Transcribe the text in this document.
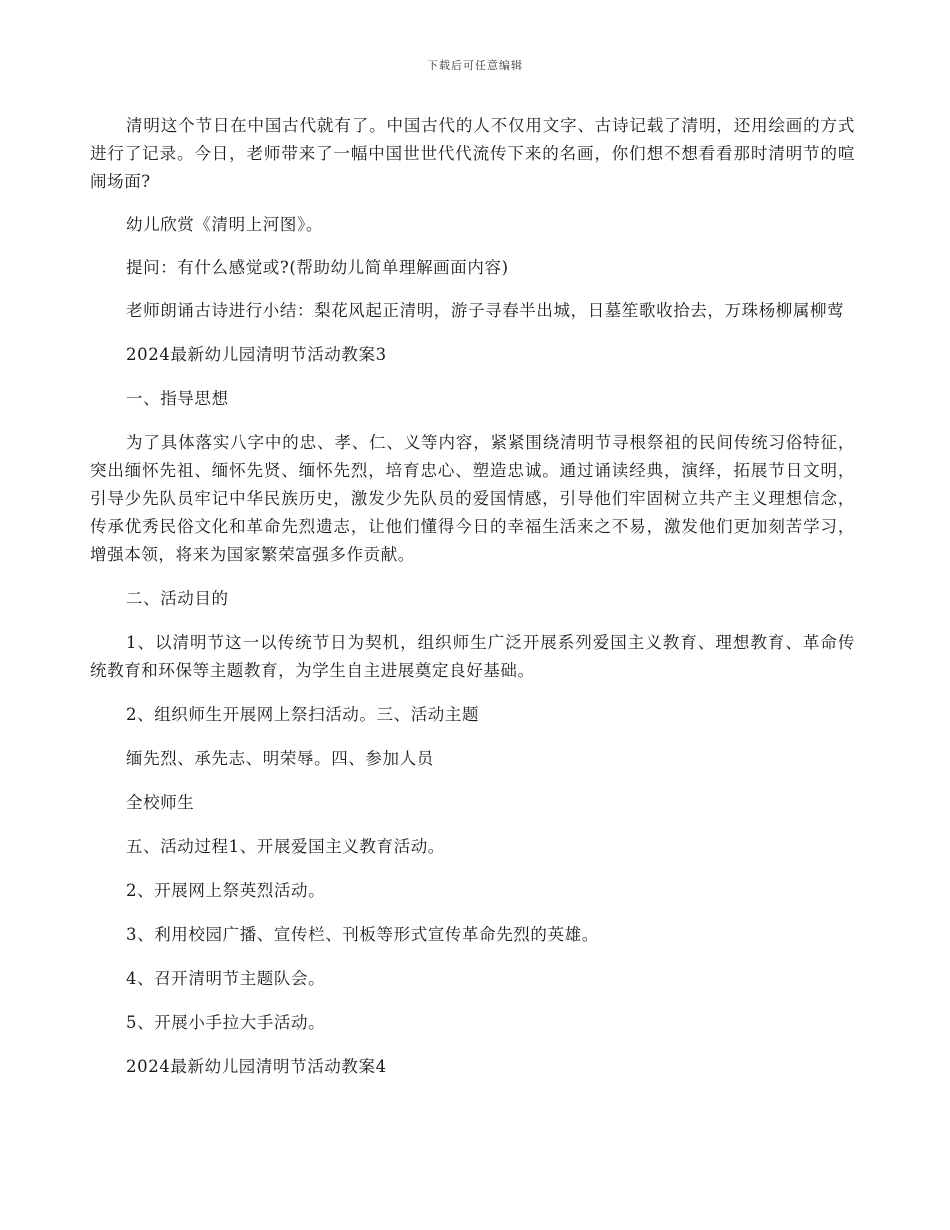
下载后可任意编辑

清明这个节日在中国古代就有了。中国古代的人不仅用文字、古诗记载了清明，还用绘画的方式进行了记录。今日，老师带来了一幅中国世世代代流传下来的名画，你们想不想看看那时清明节的喧闹场面?

幼儿欣赏《清明上河图》。

提问：有什么感觉或?(帮助幼儿简单理解画面内容)

老师朗诵古诗进行小结：梨花风起正清明，游子寻春半出城，日墓笙歌收拾去，万珠杨柳属柳莺

2024最新幼儿园清明节活动教案3

一、指导思想

为了具体落实八字中的忠、孝、仁、义等内容，紧紧围绕清明节寻根祭祖的民间传统习俗特征，突出缅怀先祖、缅怀先贤、缅怀先烈，培育忠心、塑造忠诚。通过诵读经典，演绎，拓展节日文明，引导少先队员牢记中华民族历史，激发少先队员的爱国情感，引导他们牢固树立共产主义理想信念，传承优秀民俗文化和革命先烈遗志，让他们懂得今日的幸福生活来之不易，激发他们更加刻苦学习，增强本领，将来为国家繁荣富强多作贡献。

二、活动目的

1、以清明节这一以传统节日为契机，组织师生广泛开展系列爱国主义教育、理想教育、革命传统教育和环保等主题教育，为学生自主进展奠定良好基础。

2、组织师生开展网上祭扫活动。三、活动主题

缅先烈、承先志、明荣辱。四、参加人员

全校师生

五、活动过程1、开展爱国主义教育活动。

2、开展网上祭英烈活动。

3、利用校园广播、宣传栏、刊板等形式宣传革命先烈的英雄。

4、召开清明节主题队会。

5、开展小手拉大手活动。

2024最新幼儿园清明节活动教案4
